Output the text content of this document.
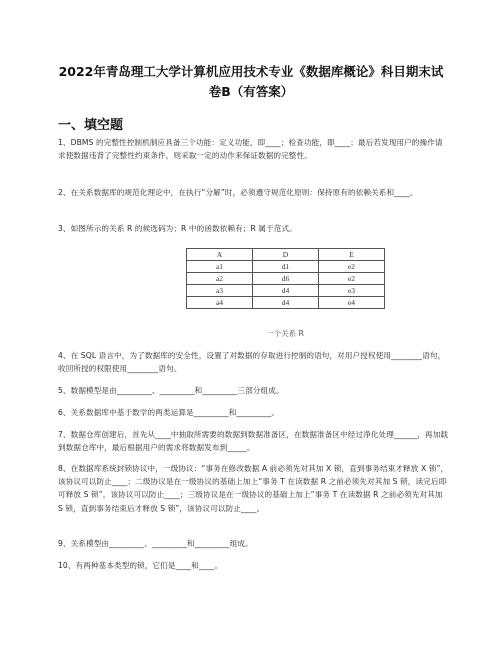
2022年青岛理工大学计算机应用技术专业《数据库概论》科目期末试
卷B（有答案）
一、填空题
1、DBMS 的完整性控制机制应具备三个功能：定义功能，即____；检查功能，即____；最后若发现用户的操作请求使数据违背了完整性约束条件，则采取一定的动作来保证数据的完整性。
2、在关系数据库的规范化理论中，在执行“分解”时，必须遵守规范化原则：保持原有的依赖关系和____。
3、如图所示的关系 R 的候选码为；R 中的函数依赖有；R 属于范式。
A	D	E
a1	d1	e2
a2	d6	e2
a3	d4	e3
a4	d4	e4
一个关系 R
4、在 SQL 语言中，为了数据库的安全性，设置了对数据的存取进行控制的语句，对用户授权使用________语句，收回所授的权限使用________语句。
5、数据模型是由_________、_________和_________三部分组成。
6、关系数据库中基于数学的两类运算是_________和_________。
7、数据仓库创建后，首先从____中抽取所需要的数据到数据准备区，在数据准备区中经过净化处理______，再加载到数据仓库中，最后根据用户的需求将数据发布到_____。
8、在数据库系统封锁协议中，一级协议：“事务在修改数据 A 前必须先对其加 X 锁，直到事务结束才释放 X 锁”，该协议可以防止____；二级协议是在一级协议的基础上加上“事务 T 在读数据 R 之前必须先对其加 S 锁，读完后即可释放 S 锁”，该协议可以防止____；三级协议是在一级协议的基础上加上“事务 T 在读数据 R 之前必须先对其加 S 锁，直到事务结束后才释放 S 锁”，该协议可以防止____。
9、关系模型由_________、_________和_________组成。
10、有两种基本类型的锁，它们是____和____。
